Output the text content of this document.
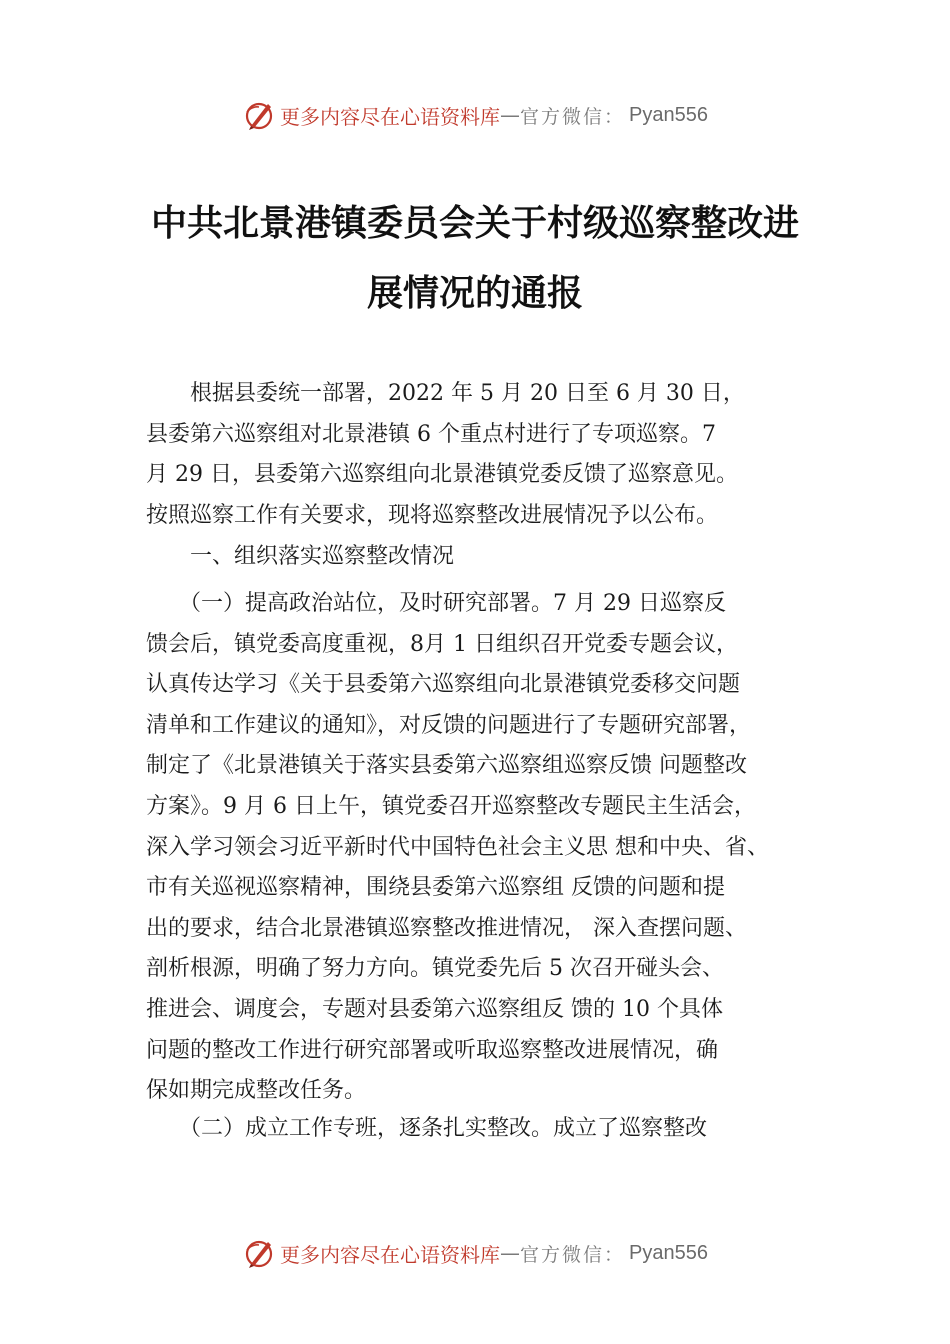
更多内容尽在心语资料库 — 官方微信： Pyan556
中共北景港镇委员会关于村级巡察整改进
展情况的通报
　　根据县委统一部署，2022 年 5 月 20 日至 6 月 30 日，
县委第六巡察组对北景港镇 6 个重点村进行了专项巡察。7
月 29 日，县委第六巡察组向北景港镇党委反馈了巡察意见。
按照巡察工作有关要求，现将巡察整改进展情况予以公布。
　　一、组织落实巡察整改情况
　　（一）提高政治站位，及时研究部署。7 月 29 日巡察反
馈会后，镇党委高度重视，8月 1 日组织召开党委专题会议，
认真传达学习《关于县委第六巡察组向北景港镇党委移交问题
清单和工作建议的通知》，对反馈的问题进行了专题研究部署，
制定了《北景港镇关于落实县委第六巡察组巡察反馈 问题整改
方案》。9 月 6 日上午，镇党委召开巡察整改专题民主生活会，
深入学习领会习近平新时代中国特色社会主义思 想和中央、省、
市有关巡视巡察精神，围绕县委第六巡察组 反馈的问题和提
出的要求，结合北景港镇巡察整改推进情况， 深入查摆问题、
剖析根源，明确了努力方向。镇党委先后 5 次召开碰头会、
推进会、调度会，专题对县委第六巡察组反 馈的 10 个具体
问题的整改工作进行研究部署或听取巡察整改进展情况，确
保如期完成整改任务。
　　（二）成立工作专班，逐条扎实整改。成立了巡察整改
更多内容尽在心语资料库 — 官方微信： Pyan556
